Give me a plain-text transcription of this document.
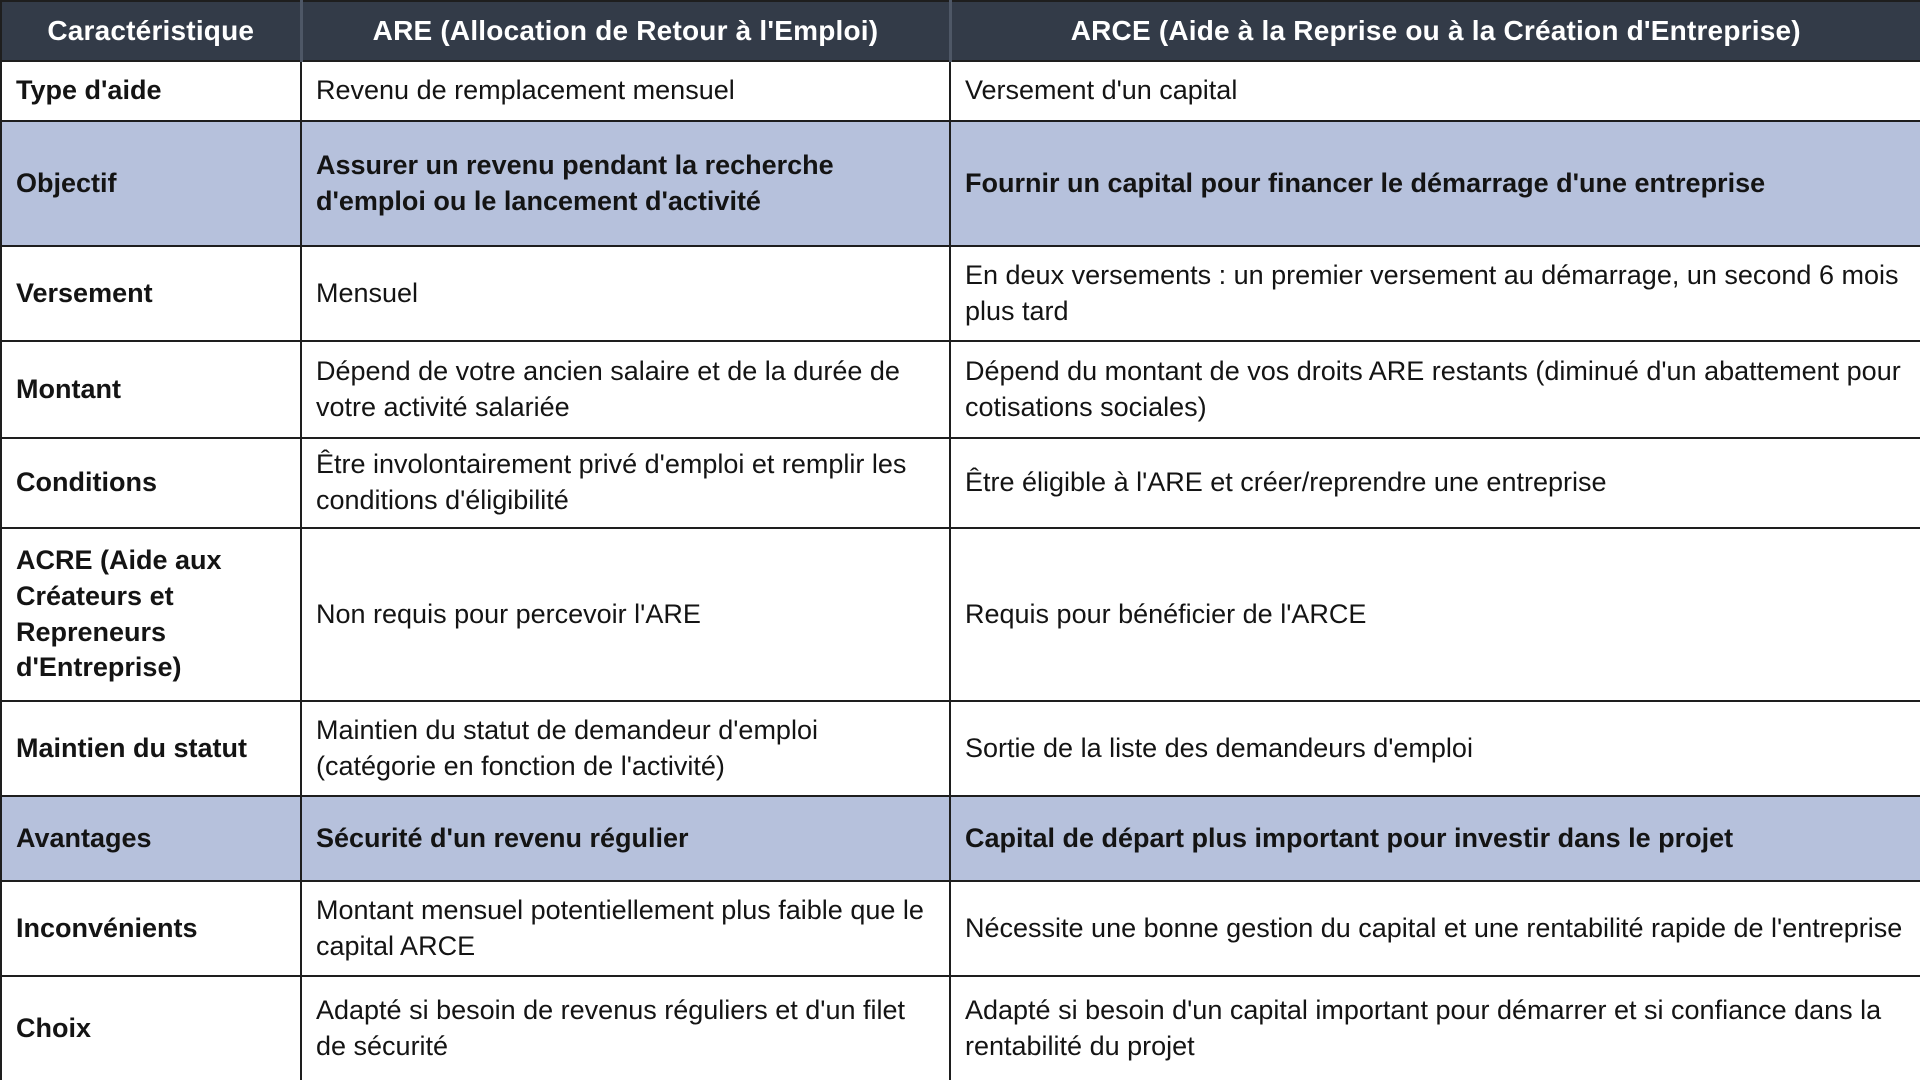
Caractéristique	ARE (Allocation de Retour à l'Emploi)	ARCE (Aide à la Reprise ou à la Création d'Entreprise)
Type d'aide	Revenu de remplacement mensuel	Versement d'un capital
Objectif	Assurer un revenu pendant la recherche d'emploi ou le lancement d'activité	Fournir un capital pour financer le démarrage d'une entreprise
Versement	Mensuel	En deux versements : un premier versement au démarrage, un second 6 mois plus tard
Montant	Dépend de votre ancien salaire et de la durée de votre activité salariée	Dépend du montant de vos droits ARE restants (diminué d'un abattement pour cotisations sociales)
Conditions	Être involontairement privé d'emploi et remplir les conditions d'éligibilité	Être éligible à l'ARE et créer/reprendre une entreprise
ACRE (Aide aux Créateurs et Repreneurs d'Entreprise)	Non requis pour percevoir l'ARE	Requis pour bénéficier de l'ARCE
Maintien du statut	Maintien du statut de demandeur d'emploi (catégorie en fonction de l'activité)	Sortie de la liste des demandeurs d'emploi
Avantages	Sécurité d'un revenu régulier	Capital de départ plus important pour investir dans le projet
Inconvénients	Montant mensuel potentiellement plus faible que le capital ARCE	Nécessite une bonne gestion du capital et une rentabilité rapide de l'entreprise
Choix	Adapté si besoin de revenus réguliers et d'un filet de sécurité	Adapté si besoin d'un capital important pour démarrer et si confiance dans la rentabilité du projet
